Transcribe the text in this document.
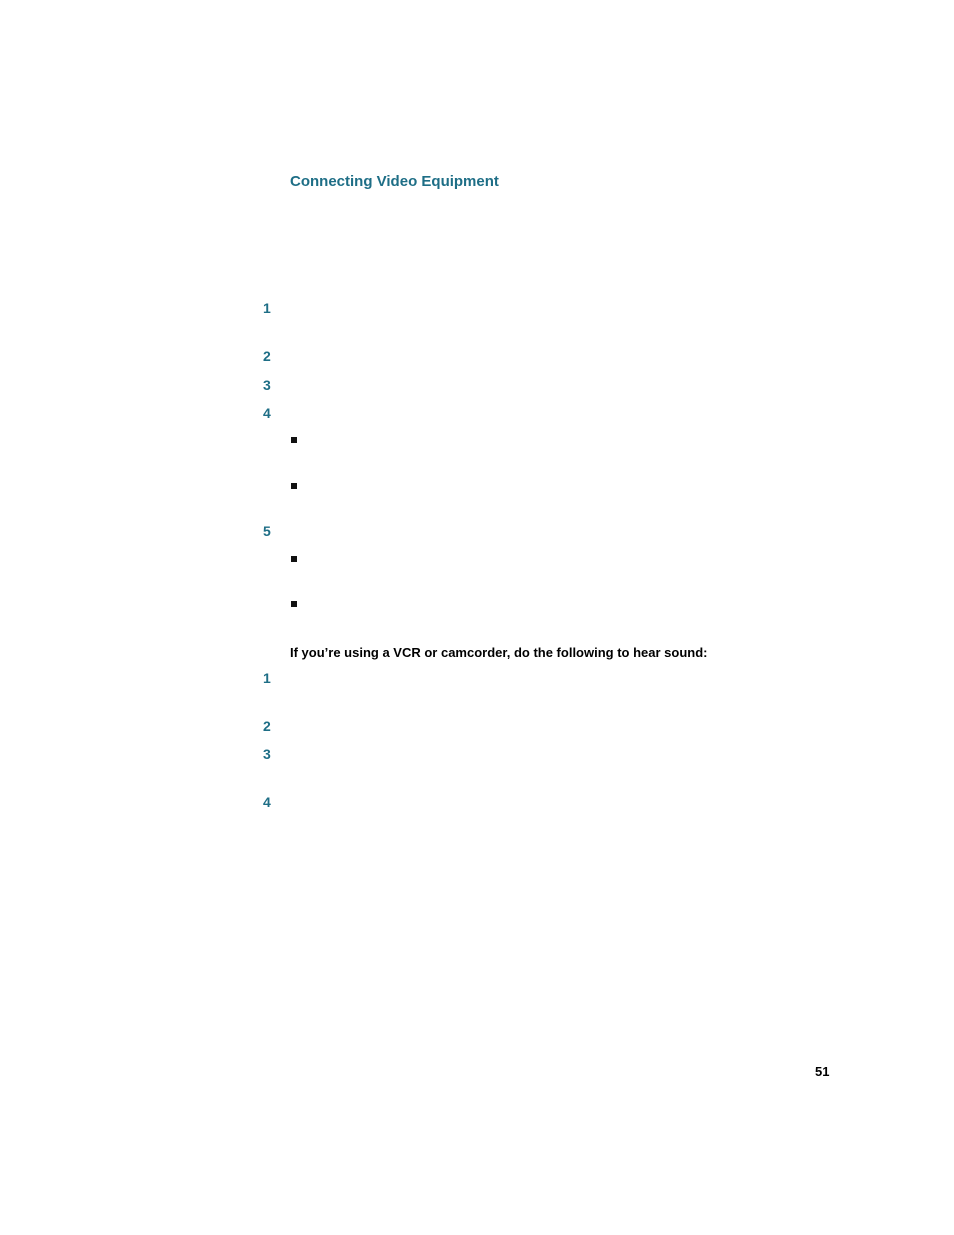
Connecting Video Equipment
1
2
3
4
5
If you’re using a VCR or camcorder, do the following to hear sound:
1
2
3
4
51
